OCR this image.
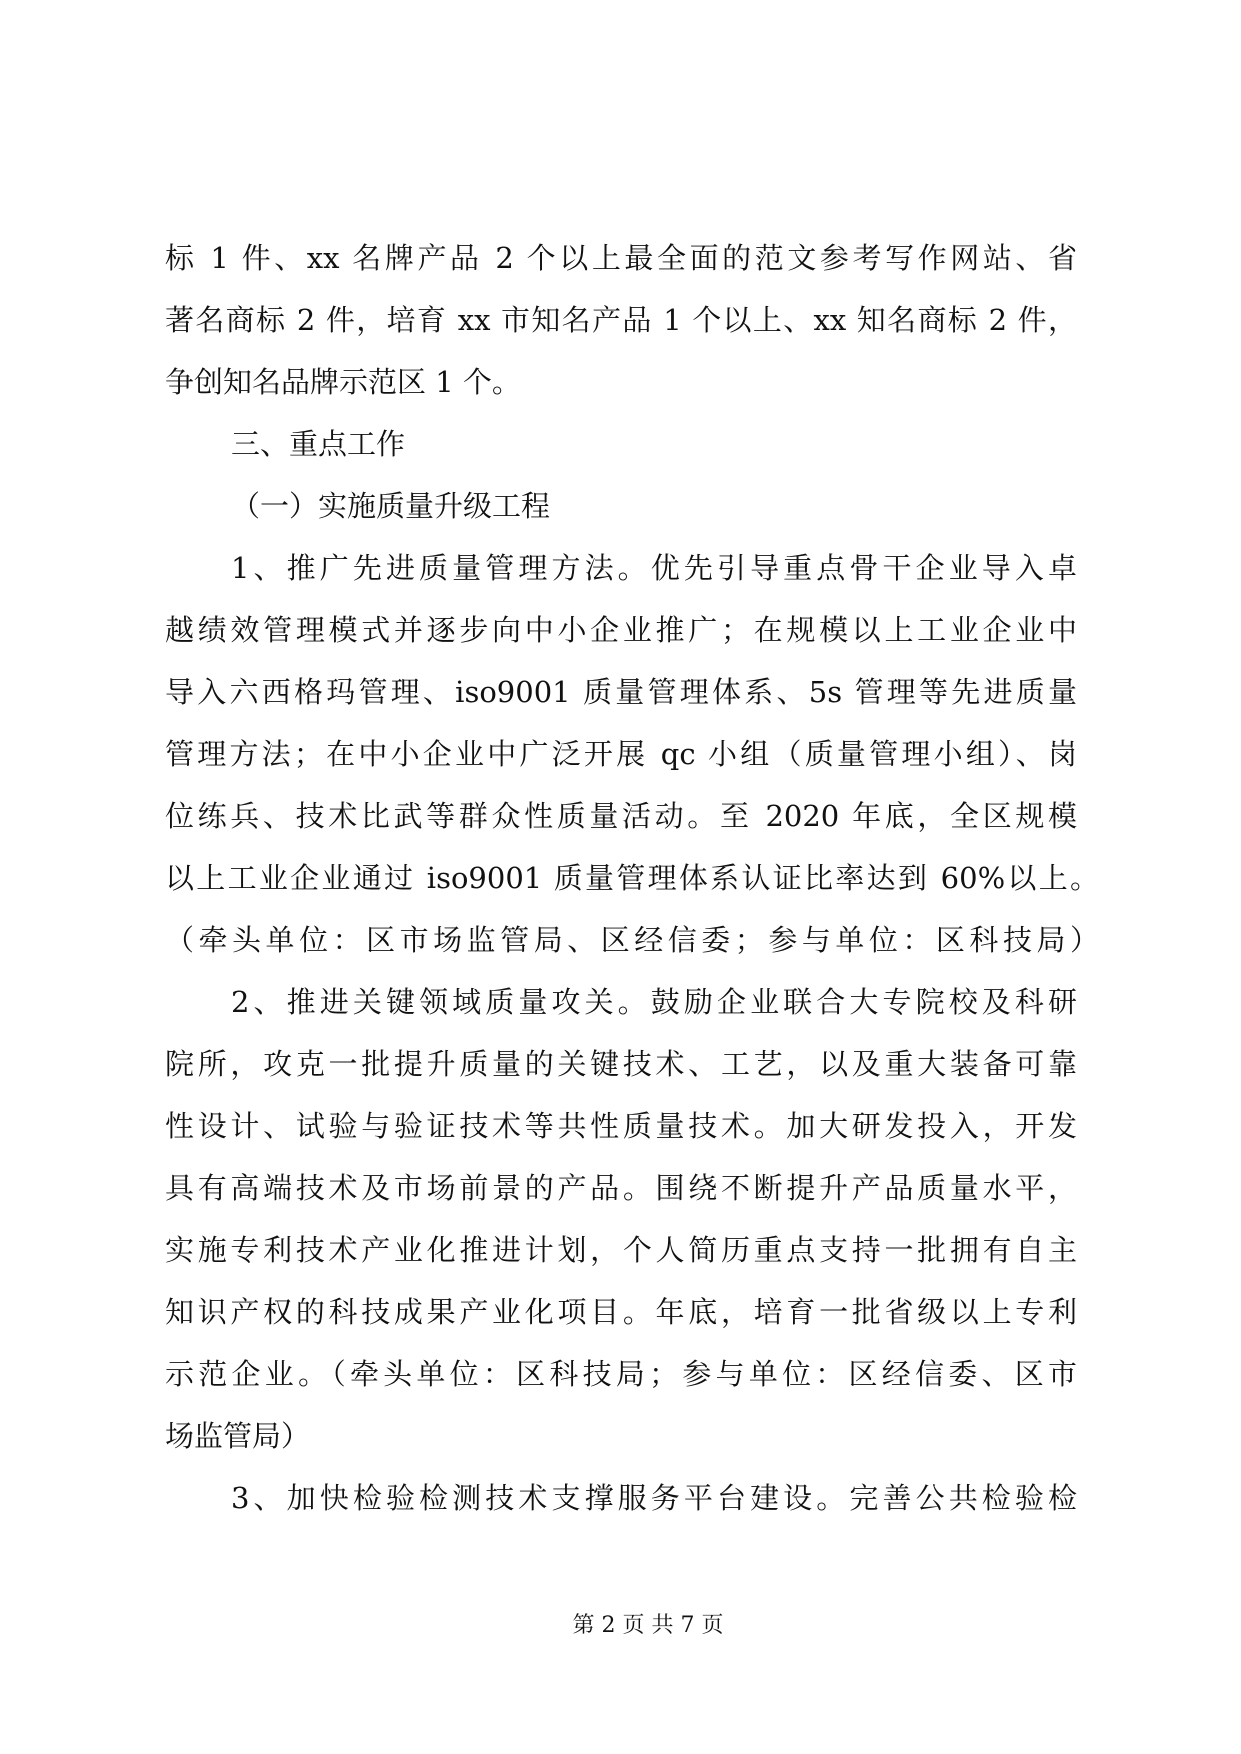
标 1 件、xx 名牌产品 2 个以上最全面的范文参考写作网站、省
著名商标 2 件，培育 xx 市知名产品 1 个以上、xx 知名商标 2 件，
争创知名品牌示范区 1 个。
三、重点工作
（一）实施质量升级工程
1、推广先进质量管理方法。优先引导重点骨干企业导入卓
越绩效管理模式并逐步向中小企业推广；在规模以上工业企业中
导入六西格玛管理、iso9001 质量管理体系、5s 管理等先进质量
管理方法；在中小企业中广泛开展 qc 小组（质量管理小组）、岗
位练兵、技术比武等群众性质量活动。至 2020 年底，全区规模
以上工业企业通过 iso9001 质量管理体系认证比率达到 60%以上。
（牵头单位：区市场监管局、区经信委；参与单位：区科技局）
2、推进关键领域质量攻关。鼓励企业联合大专院校及科研
院所，攻克一批提升质量的关键技术、工艺，以及重大装备可靠
性设计、试验与验证技术等共性质量技术。加大研发投入，开发
具有高端技术及市场前景的产品。围绕不断提升产品质量水平，
实施专利技术产业化推进计划，个人简历重点支持一批拥有自主
知识产权的科技成果产业化项目。年底，培育一批省级以上专利
示范企业。（牵头单位：区科技局；参与单位：区经信委、区市
场监管局）
3、加快检验检测技术支撑服务平台建设。完善公共检验检
第 2 页 共 7 页
